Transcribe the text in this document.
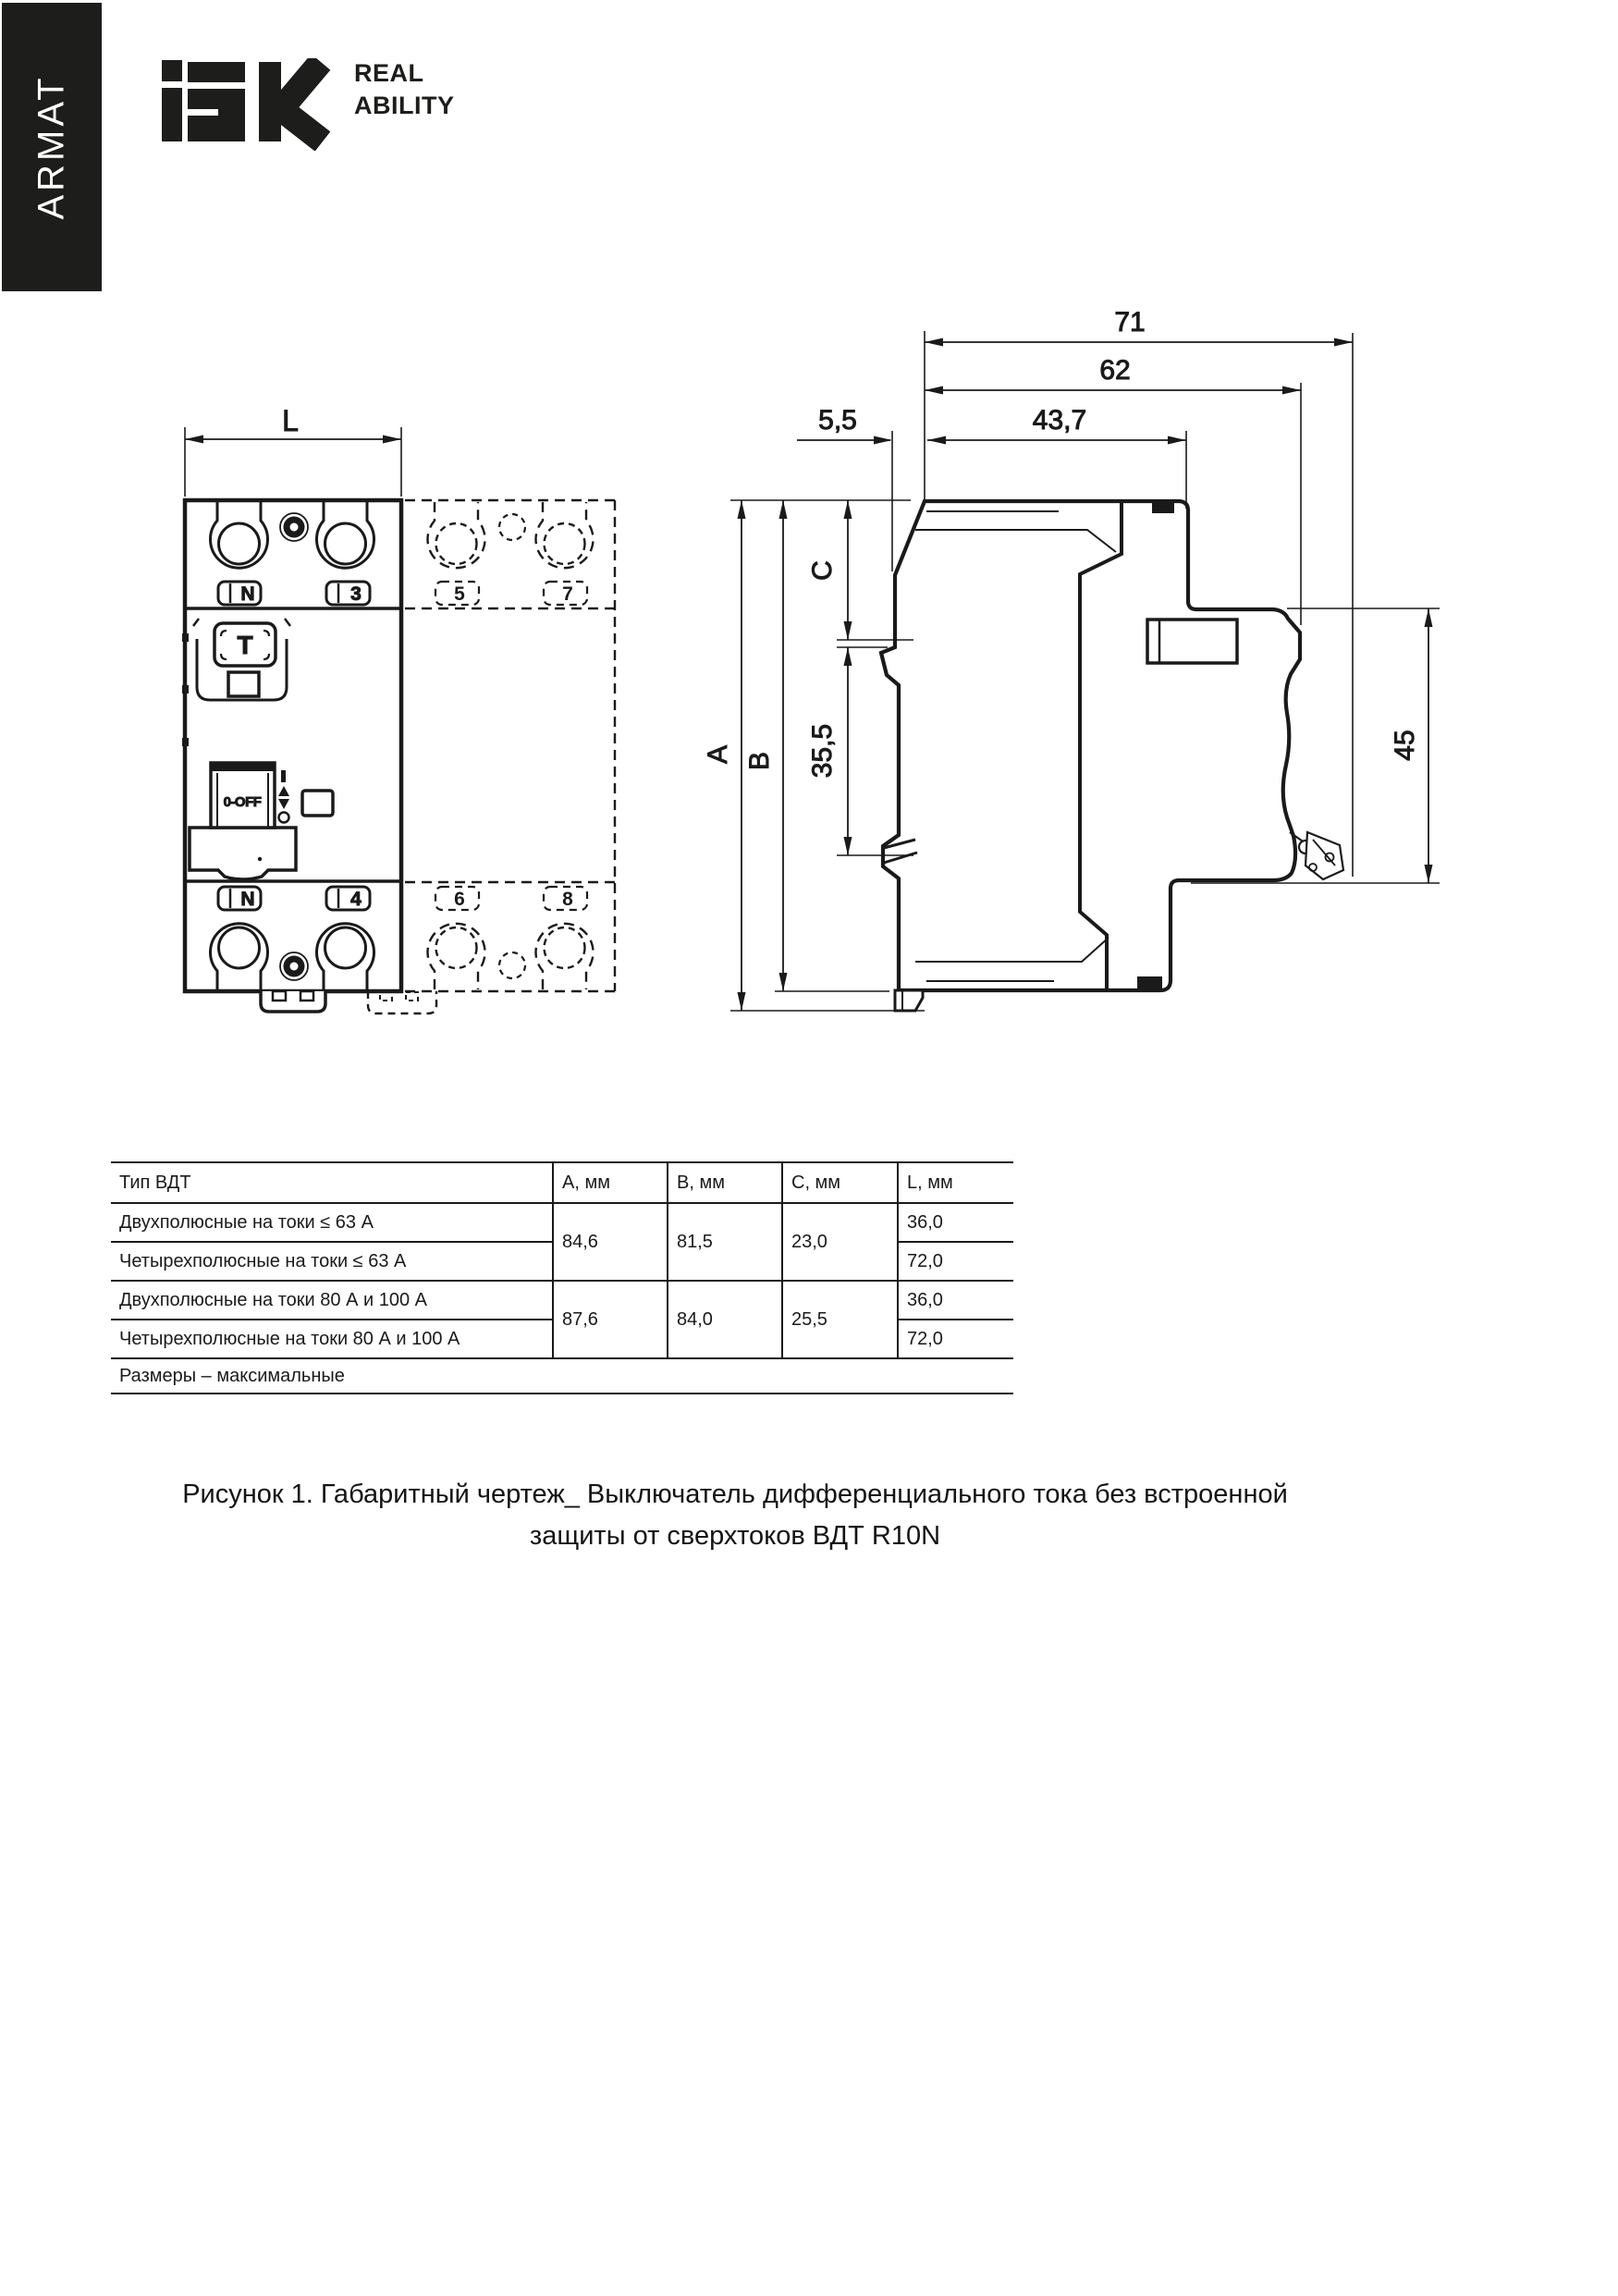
ARMAT
REAL
ABILITY
5	7
6	8
N	3
T
0-OFF
N	4
L
71
62
5,5	43,7
A B
C
35,5	45
Тип ВДТ	А, мм	В, мм	С, мм	L, мм
Двухполюсные на токи ≤ 63 А	84,6	81,5	23,0	36,0
Четырехполюсные на токи ≤ 63 А				72,0
Двухполюсные на токи 80 А и 100 А	87,6	84,0	25,5	36,0
Четырехполюсные на токи 80 А и 100 А				72,0
Размеры – максимальные				
Рисунок 1. Габаритный чертеж_ Выключатель дифференциального тока без встроенной
защиты от сверхтоков ВДТ R10N
